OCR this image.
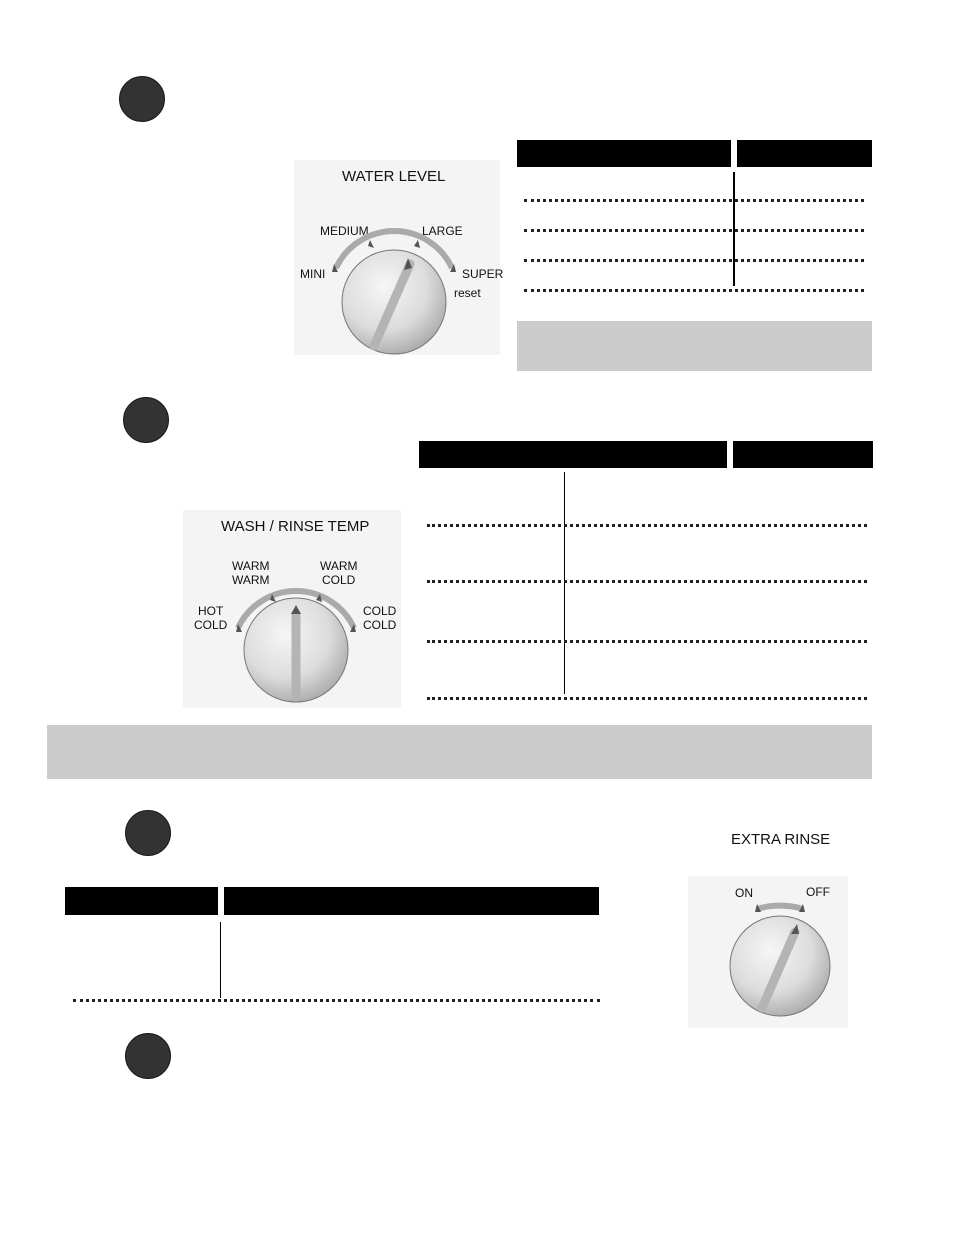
WATER LEVEL
MEDIUM	LARGE
MINI	SUPER
reset
WASH / RINSE TEMP
WARM
WARM
WARM
COLD
HOT
COLD
COLD
COLD
EXTRA RINSE
ON	OFF
